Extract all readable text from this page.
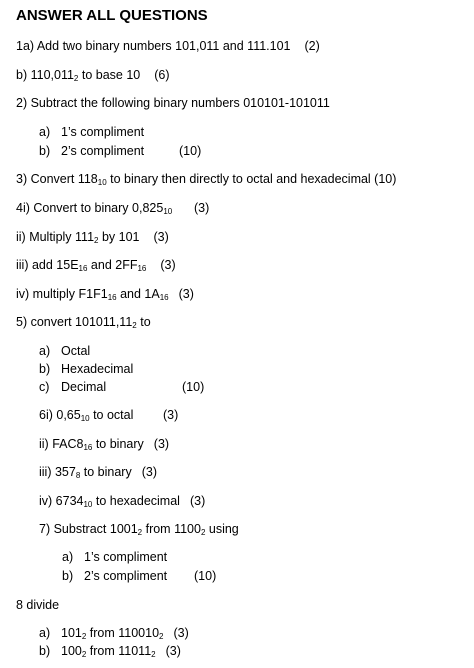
ANSWER ALL QUESTIONS
1a) Add two binary numbers 101,011 and 111.101 (2)
b) $110,011_2$ to base 10 (6)
2) Subtract the following binary numbers 010101-101011
a) 1’s compliment
b) 2’s compliment	(10)
3) Convert $118_{10}$ to binary then directly to octal and hexadecimal (10)
4i) Convert to binary $0,825_{10}$ (3)
ii) Multiply $111_2$ by 101 (3)
iii) add $15E_{16}$ and $2FF_{16}$ (3)
iv) multiply $F1F1_{16}$ and $1A_{16}$ (3)
5) convert $101011,11_2$ to
a) Octal
b) Hexadecimal
c) Decimal	(10)
6i) $0,65_{10}$ to octal (3)
ii) $FAC8_{16}$ to binary (3)
iii) $357_8$ to binary (3)
iv) $6734_{10}$ to hexadecimal (3)
7) Substract $1001_2$ from $1100_2$ using
a) 1’s compliment
b) 2’s compliment (10)
8 divide
a) $101_2$ from $110010_2$ (3)
b) $100_2$ from $11011_2$ (3)
